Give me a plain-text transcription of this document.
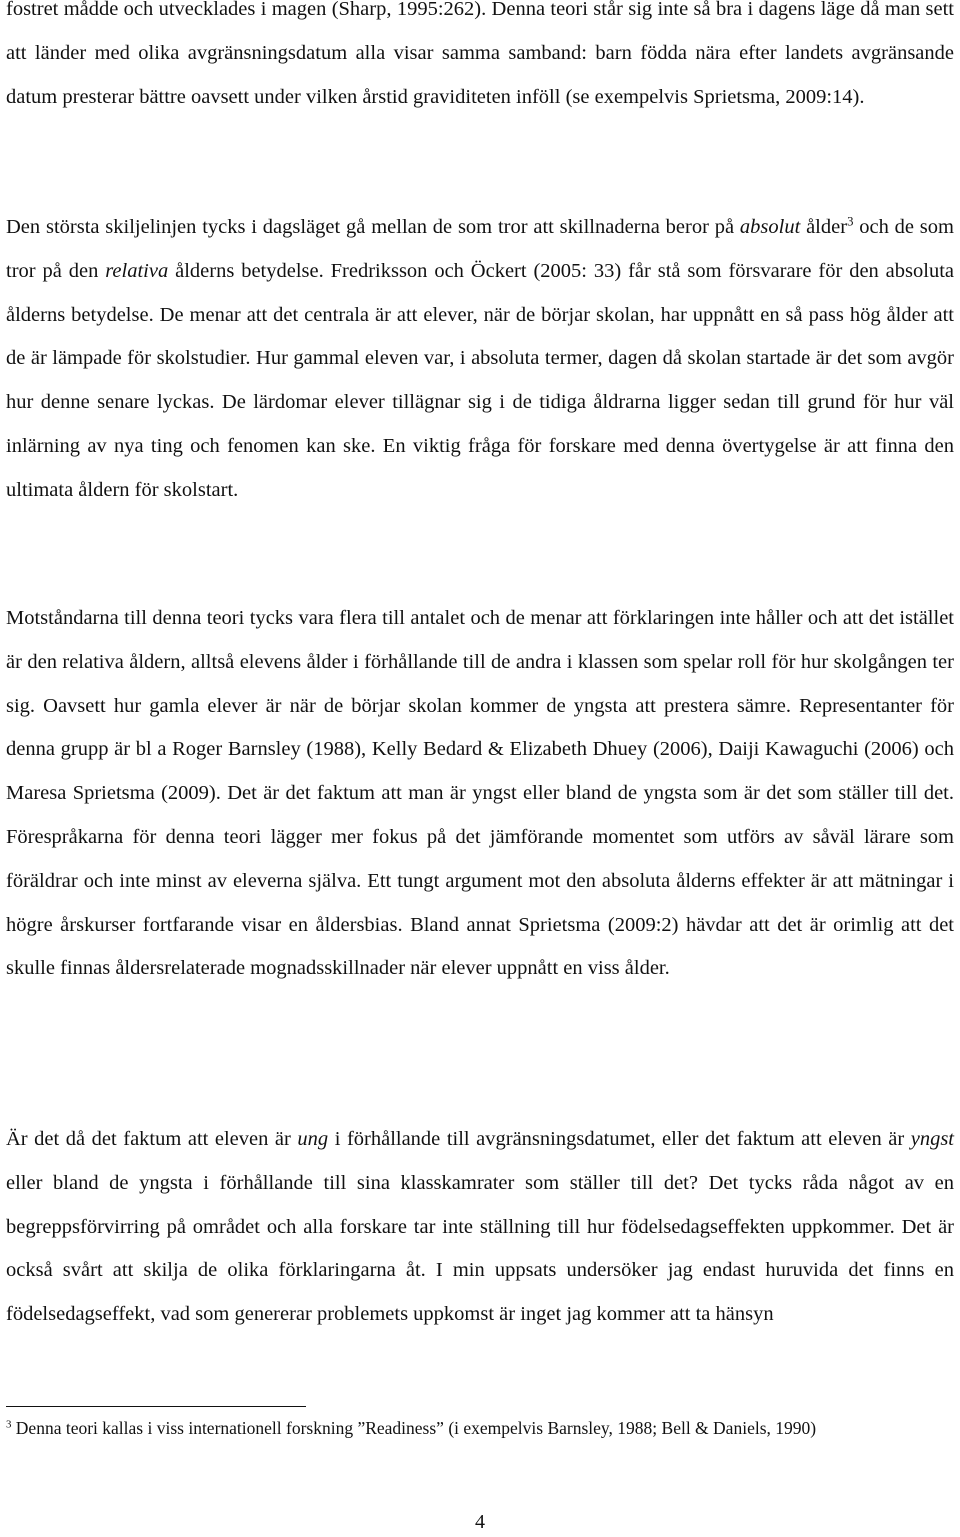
fostret mådde och utvecklades i magen (Sharp, 1995:262). Denna teori står sig inte så bra i dagens läge då man sett att länder med olika avgränsningsdatum alla visar samma samband: barn födda nära efter landets avgränsande datum presterar bättre oavsett under vilken årstid graviditeten inföll (se exempelvis Sprietsma, 2009:14).

Den största skiljelinjen tycks i dagsläget gå mellan de som tror att skillnaderna beror på absolut ålder$^3$ och de som tror på den relativa ålderns betydelse. Fredriksson och Öckert (2005: 33) får stå som försvarare för den absoluta ålderns betydelse. De menar att det centrala är att elever, när de börjar skolan, har uppnått en så pass hög ålder att de är lämpade för skolstudier. Hur gammal eleven var, i absoluta termer, dagen då skolan startade är det som avgör hur denne senare lyckas. De lärdomar elever tillägnar sig i de tidiga åldrarna ligger sedan till grund för hur väl inlärning av nya ting och fenomen kan ske. En viktig fråga för forskare med denna övertygelse är att finna den ultimata åldern för skolstart.

Motståndarna till denna teori tycks vara flera till antalet och de menar att förklaringen inte håller och att det istället är den relativa åldern, alltså elevens ålder i förhållande till de andra i klassen som spelar roll för hur skolgången ter sig. Oavsett hur gamla elever är när de börjar skolan kommer de yngsta att prestera sämre. Representanter för denna grupp är bl a Roger Barnsley (1988), Kelly Bedard & Elizabeth Dhuey (2006), Daiji Kawaguchi (2006) och Maresa Sprietsma (2009). Det är det faktum att man är yngst eller bland de yngsta som är det som ställer till det. Förespråkarna för denna teori lägger mer fokus på det jämförande momentet som utförs av såväl lärare som föräldrar och inte minst av eleverna själva. Ett tungt argument mot den absoluta ålderns effekter är att mätningar i högre årskurser fortfarande visar en åldersbias. Bland annat Sprietsma (2009:2) hävdar att det är orimlig att det skulle finnas åldersrelaterade mognadsskillnader när elever uppnått en viss ålder.

Är det då det faktum att eleven är ung i förhållande till avgränsningsdatumet, eller det faktum att eleven är yngst eller bland de yngsta i förhållande till sina klasskamrater som ställer till det? Det tycks råda något av en begreppsförvirring på området och alla forskare tar inte ställning till hur födelsedagseffekten uppkommer. Det är också svårt att skilja de olika förklaringarna åt. I min uppsats undersöker jag endast huruvida det finns en födelsedagseffekt, vad som genererar problemets uppkomst är inget jag kommer att ta hänsyn

$^3$ Denna teori kallas i viss internationell forskning ”Readiness” (i exempelvis Barnsley, 1988; Bell & Daniels, 1990)

4
